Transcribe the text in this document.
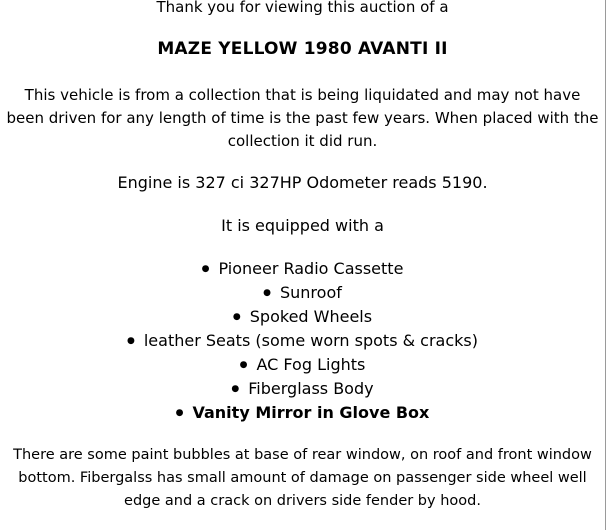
Thank you for viewing this auction of a
MAZE YELLOW 1980 AVANTI II
This vehicle is from a collection that is being liquidated and may not have been driven for any length of time is the past few years. When placed with the collection it did run.
Engine is 327 ci 327HP Odometer reads 5190.
It is equipped with a
● Pioneer Radio Cassette
● Sunroof
● Spoked Wheels
● leather Seats (some worn spots & cracks)
● AC Fog Lights
● Fiberglass Body
● Vanity Mirror in Glove Box
There are some paint bubbles at base of rear window, on roof and front window bottom. Fibergalss has small amount of damage on passenger side wheel well edge and a crack on drivers side fender by hood.
